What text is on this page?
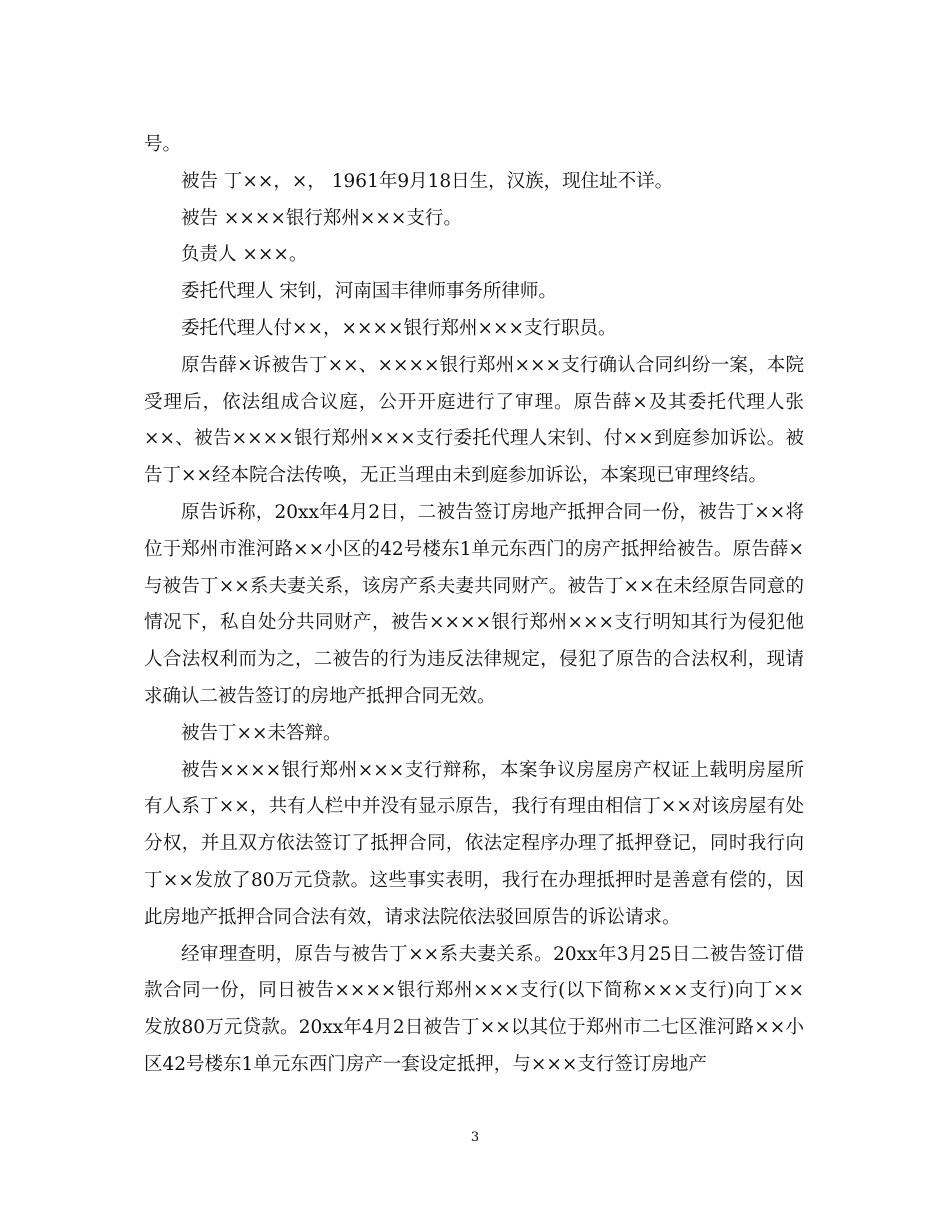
号。

被告 丁××，×， 1961年9月18日生，汉族，现住址不详。

被告 ××××银行郑州×××支行。

负责人 ×××。

委托代理人 宋钊，河南国丰律师事务所律师。

委托代理人付××，××××银行郑州×××支行职员。

原告薛×诉被告丁××、××××银行郑州×××支行确认合同纠纷一案，本院受理后，依法组成合议庭，公开开庭进行了审理。原告薛×及其委托代理人张××、被告××××银行郑州×××支行委托代理人宋钊、付××到庭参加诉讼。被告丁××经本院合法传唤，无正当理由未到庭参加诉讼，本案现已审理终结。

原告诉称，20xx年4月2日，二被告签订房地产抵押合同一份，被告丁××将位于郑州市淮河路××小区的42号楼东1单元东西门的房产抵押给被告。原告薛×与被告丁××系夫妻关系，该房产系夫妻共同财产。被告丁××在未经原告同意的情况下，私自处分共同财产，被告××××银行郑州×××支行明知其行为侵犯他人合法权利而为之，二被告的行为违反法律规定，侵犯了原告的合法权利，现请求确认二被告签订的房地产抵押合同无效。

被告丁××未答辩。

被告××××银行郑州×××支行辩称，本案争议房屋房产权证上载明房屋所有人系丁××，共有人栏中并没有显示原告，我行有理由相信丁××对该房屋有处分权，并且双方依法签订了抵押合同，依法定程序办理了抵押登记，同时我行向丁××发放了80万元贷款。这些事实表明，我行在办理抵押时是善意有偿的，因此房地产抵押合同合法有效，请求法院依法驳回原告的诉讼请求。

经审理查明，原告与被告丁××系夫妻关系。20xx年3月25日二被告签订借款合同一份，同日被告××××银行郑州×××支行(以下简称×××支行)向丁××发放80万元贷款。20xx年4月2日被告丁××以其位于郑州市二七区淮河路××小区42号楼东1单元东西门房产一套设定抵押，与×××支行签订房地产

3
